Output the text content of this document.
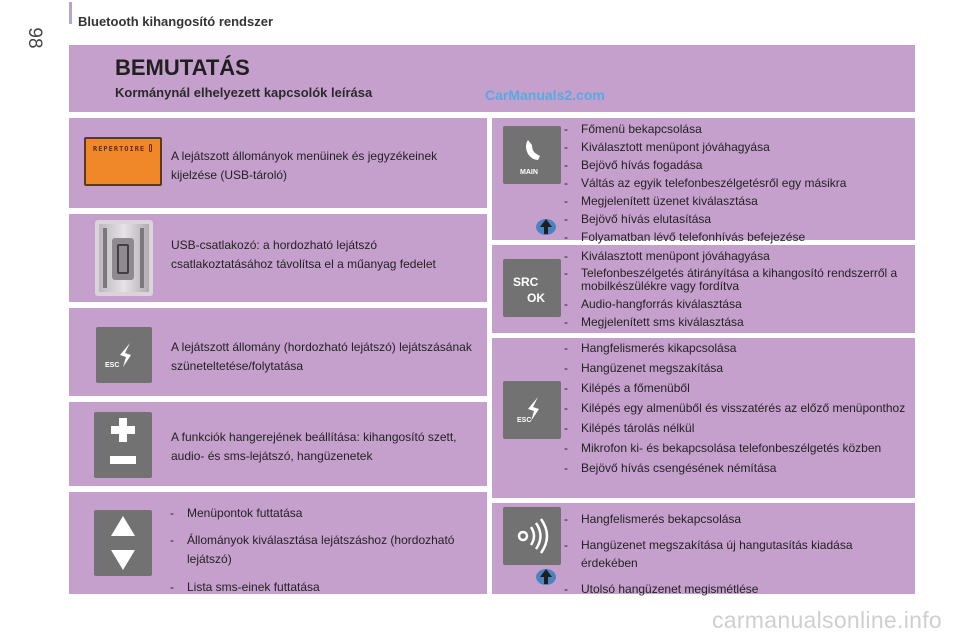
98
Bluetooth kihangosító rendszer
BEMUTATÁS
Kormánynál elhelyezett kapcsolók leírása	CarManuals2.com
REPERTOIRE A lejátszott állományok menüinek és jegyzékeinek kijelzése (USB-tároló)
USB-csatlakozó: a hordozható lejátszó csatlakoztatásához távolítsa el a műanyag fedelet
ESC
A lejátszott állomány (hordozható lejátszó) lejátszásának szüneteltetése/folytatása
A funkciók hangerejének beállítása: kihangosító szett, audio- és sms-lejátszó, hangüzenetek
- Menüpontok futtatása
- Állományok kiválasztása lejátszáshoz (hordozható lejátszó)
- Lista sms-einek futtatása
MAIN
- Főmenü bekapcsolása
- Kiválasztott menüpont jóváhagyása
- Bejövő hívás fogadása
- Váltás az egyik telefonbeszélgetésről egy másikra
- Megjelenített üzenet kiválasztása
- Bejövő hívás elutasítása
- Folyamatban lévő telefonhívás befejezése
SRC
OK
- Kiválasztott menüpont jóváhagyása
- Telefonbeszélgetés átirányítása a kihangosító rendszerről a mobilkészülékre vagy fordítva
- Audio-hangforrás kiválasztása
- Megjelenített sms kiválasztása
ESC
- Hangfelismerés kikapcsolása
- Hangüzenet megszakítása
- Kilépés a főmenüből
- Kilépés egy almenüből és visszatérés az előző menüponthoz
- Kilépés tárolás nélkül
- Mikrofon ki- és bekapcsolása telefonbeszélgetés közben
- Bejövő hívás csengésének némítása
- Hangfelismerés bekapcsolása
- Hangüzenet megszakítása új hangutasítás kiadása érdekében
- Utolsó hangüzenet megismétlése
carmanualsonline.info
